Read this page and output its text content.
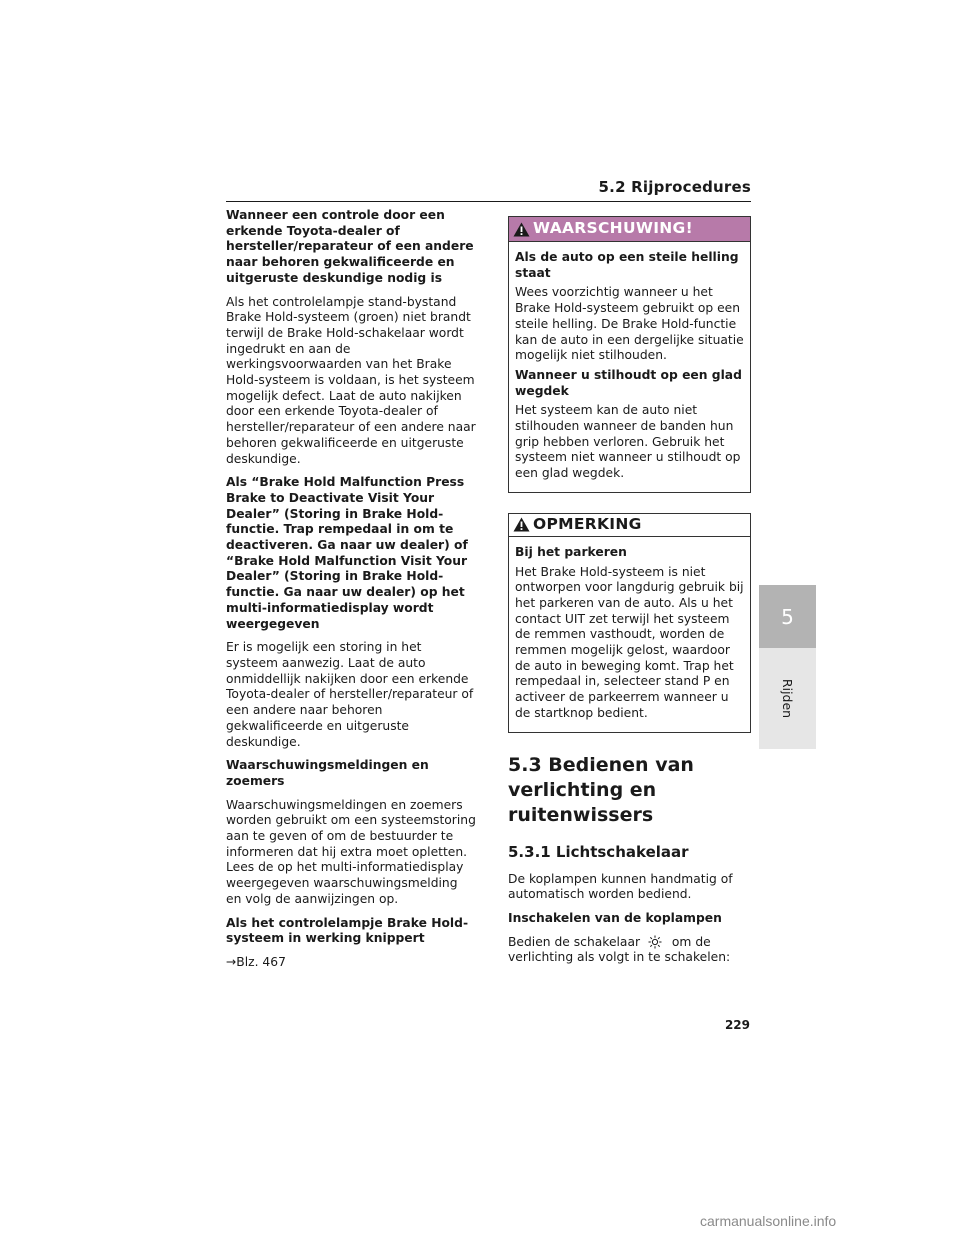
5.2 Rijprocedures

Wanneer een controle door een erkende Toyota-dealer of hersteller/reparateur of een andere naar behoren gekwalificeerde en uitgeruste deskundige nodig is

Als het controlelampje stand-bystand Brake Hold-systeem (groen) niet brandt terwijl de Brake Hold-schakelaar wordt ingedrukt en aan de werkingsvoorwaarden van het Brake Hold-systeem is voldaan, is het systeem mogelijk defect. Laat de auto nakijken door een erkende Toyota-dealer of hersteller/reparateur of een andere naar behoren gekwalificeerde en uitgeruste deskundige.

Als “Brake Hold Malfunction Press Brake to Deactivate Visit Your Dealer” (Storing in Brake Hold-functie. Trap rempedaal in om te deactiveren. Ga naar uw dealer) of “Brake Hold Malfunction Visit Your Dealer” (Storing in Brake Hold-functie. Ga naar uw dealer) op het multi-informatiedisplay wordt weergegeven

Er is mogelijk een storing in het systeem aanwezig. Laat de auto onmiddellijk nakijken door een erkende Toyota-dealer of hersteller/reparateur of een andere naar behoren gekwalificeerde en uitgeruste deskundige.

Waarschuwingsmeldingen en zoemers

Waarschuwingsmeldingen en zoemers worden gebruikt om een systeemstoring aan te geven of om de bestuurder te informeren dat hij extra moet opletten. Lees de op het multi-informatiedisplay weergegeven waarschuwingsmelding en volg de aanwijzingen op.

Als het controlelampje Brake Hold-systeem in werking knippert

→Blz. 467

WAARSCHUWING!

Als de auto op een steile helling staat

Wees voorzichtig wanneer u het Brake Hold-systeem gebruikt op een steile helling. De Brake Hold-functie kan de auto in een dergelijke situatie mogelijk niet stilhouden.

Wanneer u stilhoudt op een glad wegdek

Het systeem kan de auto niet stilhouden wanneer de banden hun grip hebben verloren. Gebruik het systeem niet wanneer u stilhoudt op een glad wegdek.

OPMERKING

Bij het parkeren

Het Brake Hold-systeem is niet ontworpen voor langdurig gebruik bij het parkeren van de auto. Als u het contact UIT zet terwijl het systeem de remmen vasthoudt, worden de remmen mogelijk gelost, waardoor de auto in beweging komt. Trap het rempedaal in, selecteer stand P en activeer de parkeerrem wanneer u de startknop bedient.

5.3 Bedienen van verlichting en ruitenwissers
5.3.1 Lichtschakelaar

De koplampen kunnen handmatig of automatisch worden bediend.

Inschakelen van de koplampen

Bedien de schakelaar	om de verlichting als volgt in te schakelen:

5
Rijden
229
carmanualsonline.info
